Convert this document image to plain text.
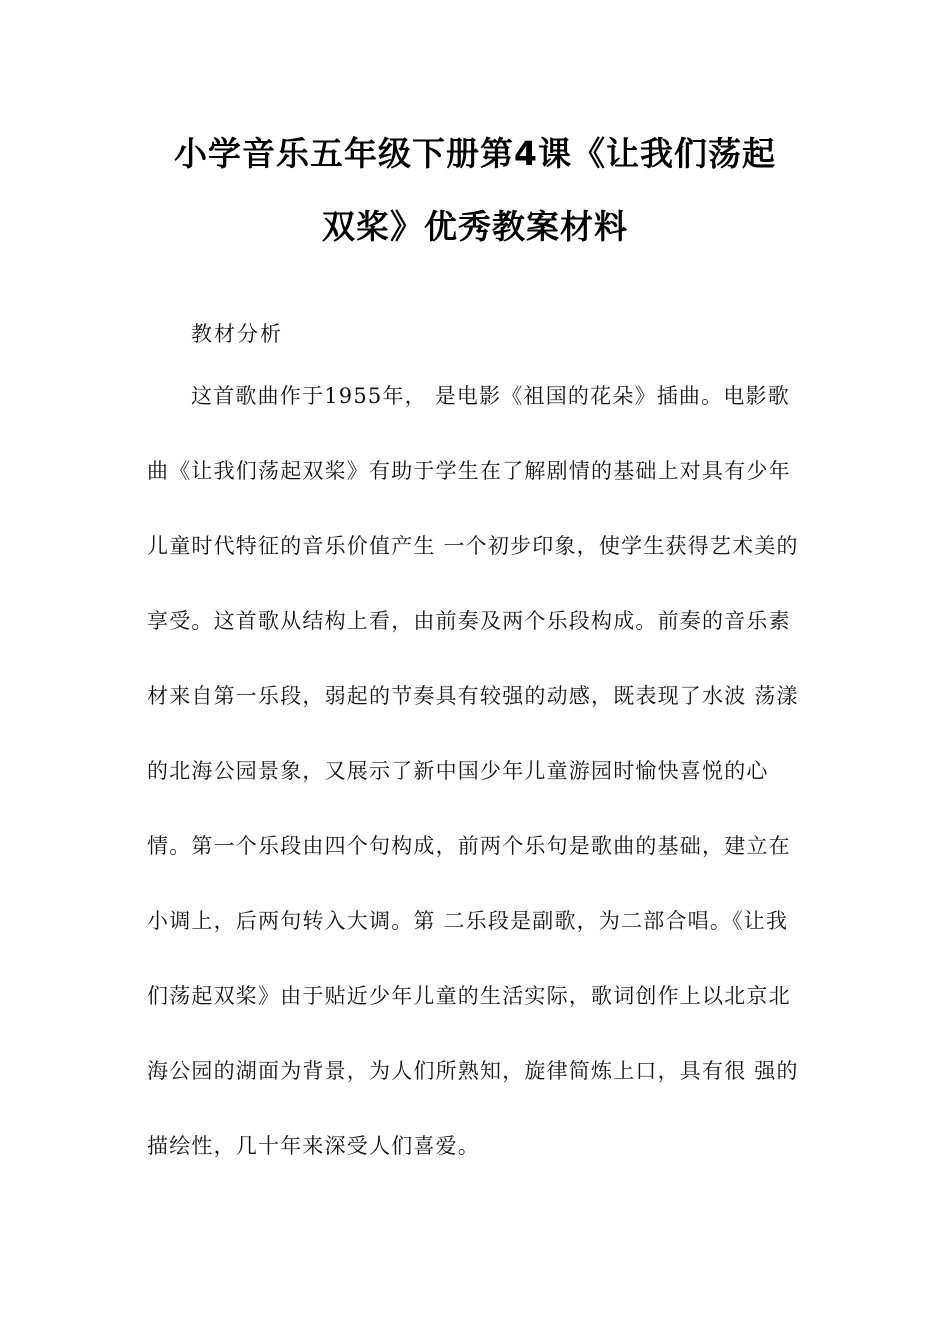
小学音乐五年级下册第4课《让我们荡起
双桨》优秀教案材料
教材分析
这首歌曲作于1955年， 是电影《祖国的花朵》插曲。电影歌
曲《让我们荡起双桨》有助于学生在了解剧情的基础上对具有少年
儿童时代特征的音乐价值产生 一个初步印象，使学生获得艺术美的
享受。这首歌从结构上看，由前奏及两个乐段构成。前奏的音乐素
材来自第一乐段，弱起的节奏具有较强的动感，既表现了水波 荡漾
的北海公园景象，又展示了新中国少年儿童游园时愉快喜悦的心
情。第一个乐段由四个句构成，前两个乐句是歌曲的基础，建立在
小调上，后两句转入大调。第 二乐段是副歌，为二部合唱。《让我
们荡起双桨》由于贴近少年儿童的生活实际，歌词创作上以北京北
海公园的湖面为背景，为人们所熟知，旋律简炼上口，具有很 强的
描绘性，几十年来深受人们喜爱。
